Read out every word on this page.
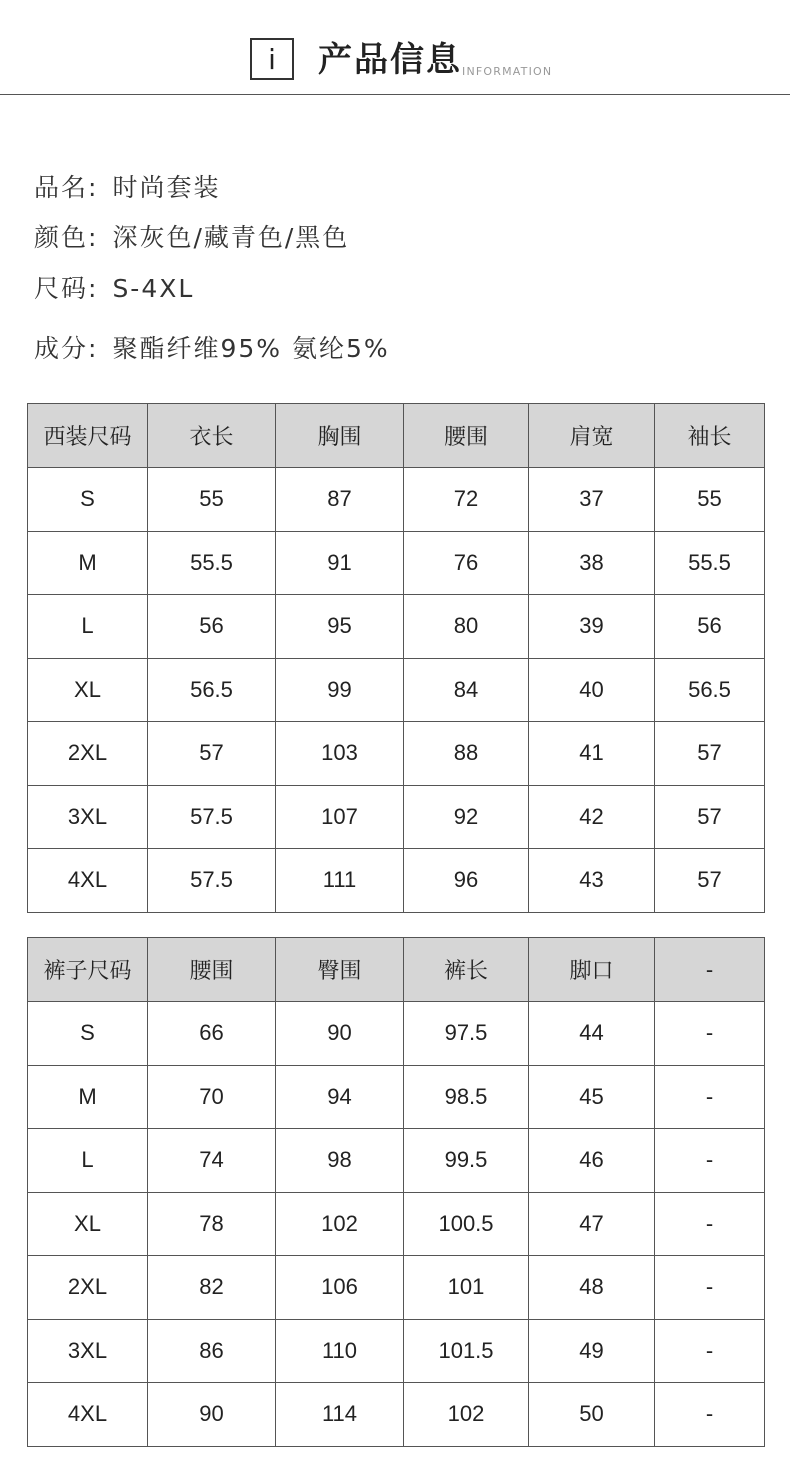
i	产品信息 INFORMATION
品名: 时尚套装
颜色: 深灰色/藏青色/黑色
尺码: S-4XL
成分: 聚酯纤维95% 氨纶5%
西装尺码	衣长	胸围	腰围	肩宽	袖长
S	55	87	72	37	55
M	55.5	91	76	38	55.5
L	56	95	80	39	56
XL	56.5	99	84	40	56.5
2XL	57	103	88	41	57
3XL	57.5	107	92	42	57
4XL	57.5	111	96	43	57
裤子尺码	腰围	臀围	裤长	脚口	-
S	66	90	97.5	44	-
M	70	94	98.5	45	-
L	74	98	99.5	46	-
XL	78	102	100.5	47	-
2XL	82	106	101	48	-
3XL	86	110	101.5	49	-
4XL	90	114	102	50	-
